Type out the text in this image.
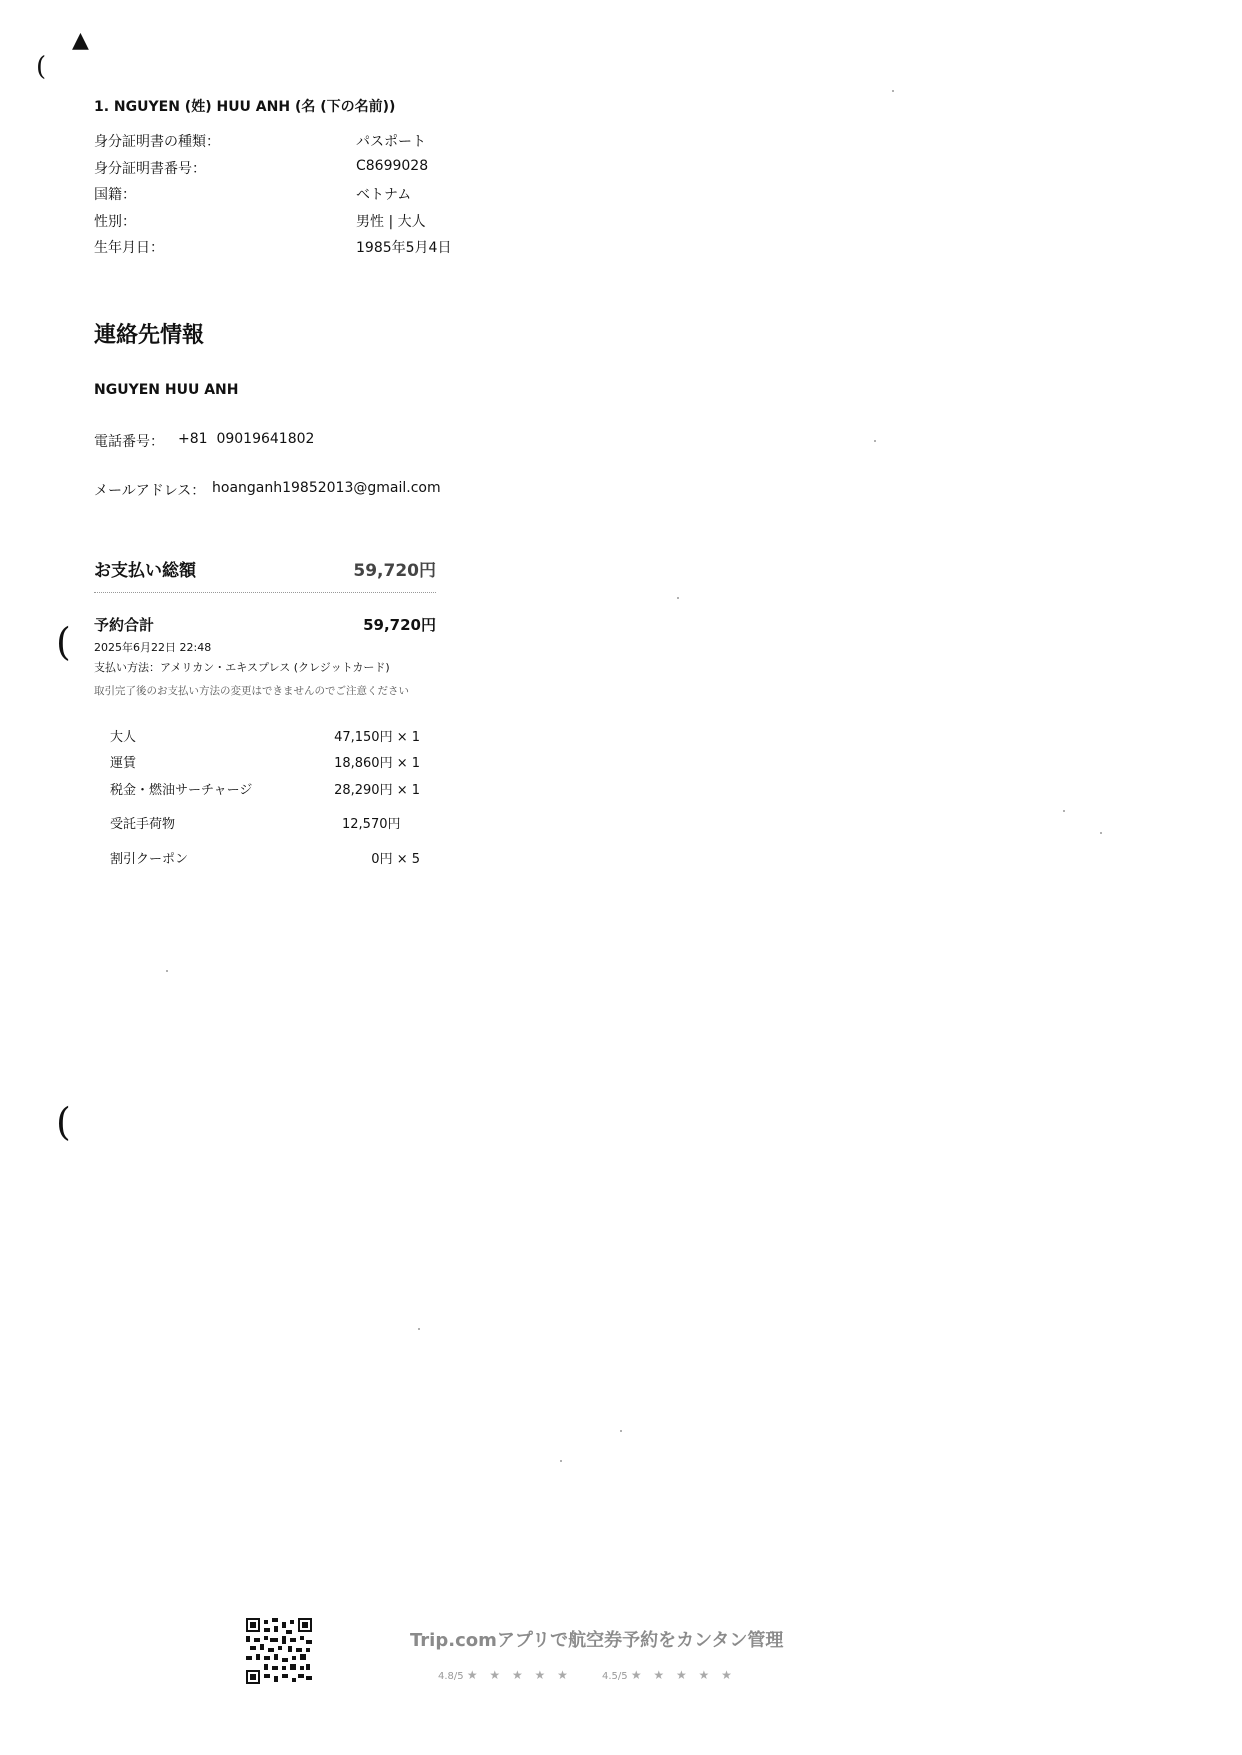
▲
(
(
(
1. NGUYEN (姓) HUU ANH (名 (下の名前))
身分証明書の種類：	パスポート
身分証明書番号：	C8699028
国籍：	ベトナム
性別：	男性 | 大人
生年月日：	1985年5月4日
連絡先情報
NGUYEN HUU ANH
電話番号： +81  09019641802
メールアドレス： hoanganh19852013@gmail.com
お支払い総額	59,720円
予約合計	59,720円
2025年6月22日 22:48
支払い方法：アメリカン・エキスプレス (クレジットカード)
取引完了後のお支払い方法の変更はできませんのでご注意ください
大人	47,150円 × 1
運賃	18,860円 × 1
税金・燃油サーチャージ	28,290円 × 1
受託手荷物	12,570円
割引クーポン	0円 × 5
Trip.comアプリで航空券予約をカンタン管理
4.8/5 ★ ★ ★ ★ ★	4.5/5 ★ ★ ★ ★ ★
